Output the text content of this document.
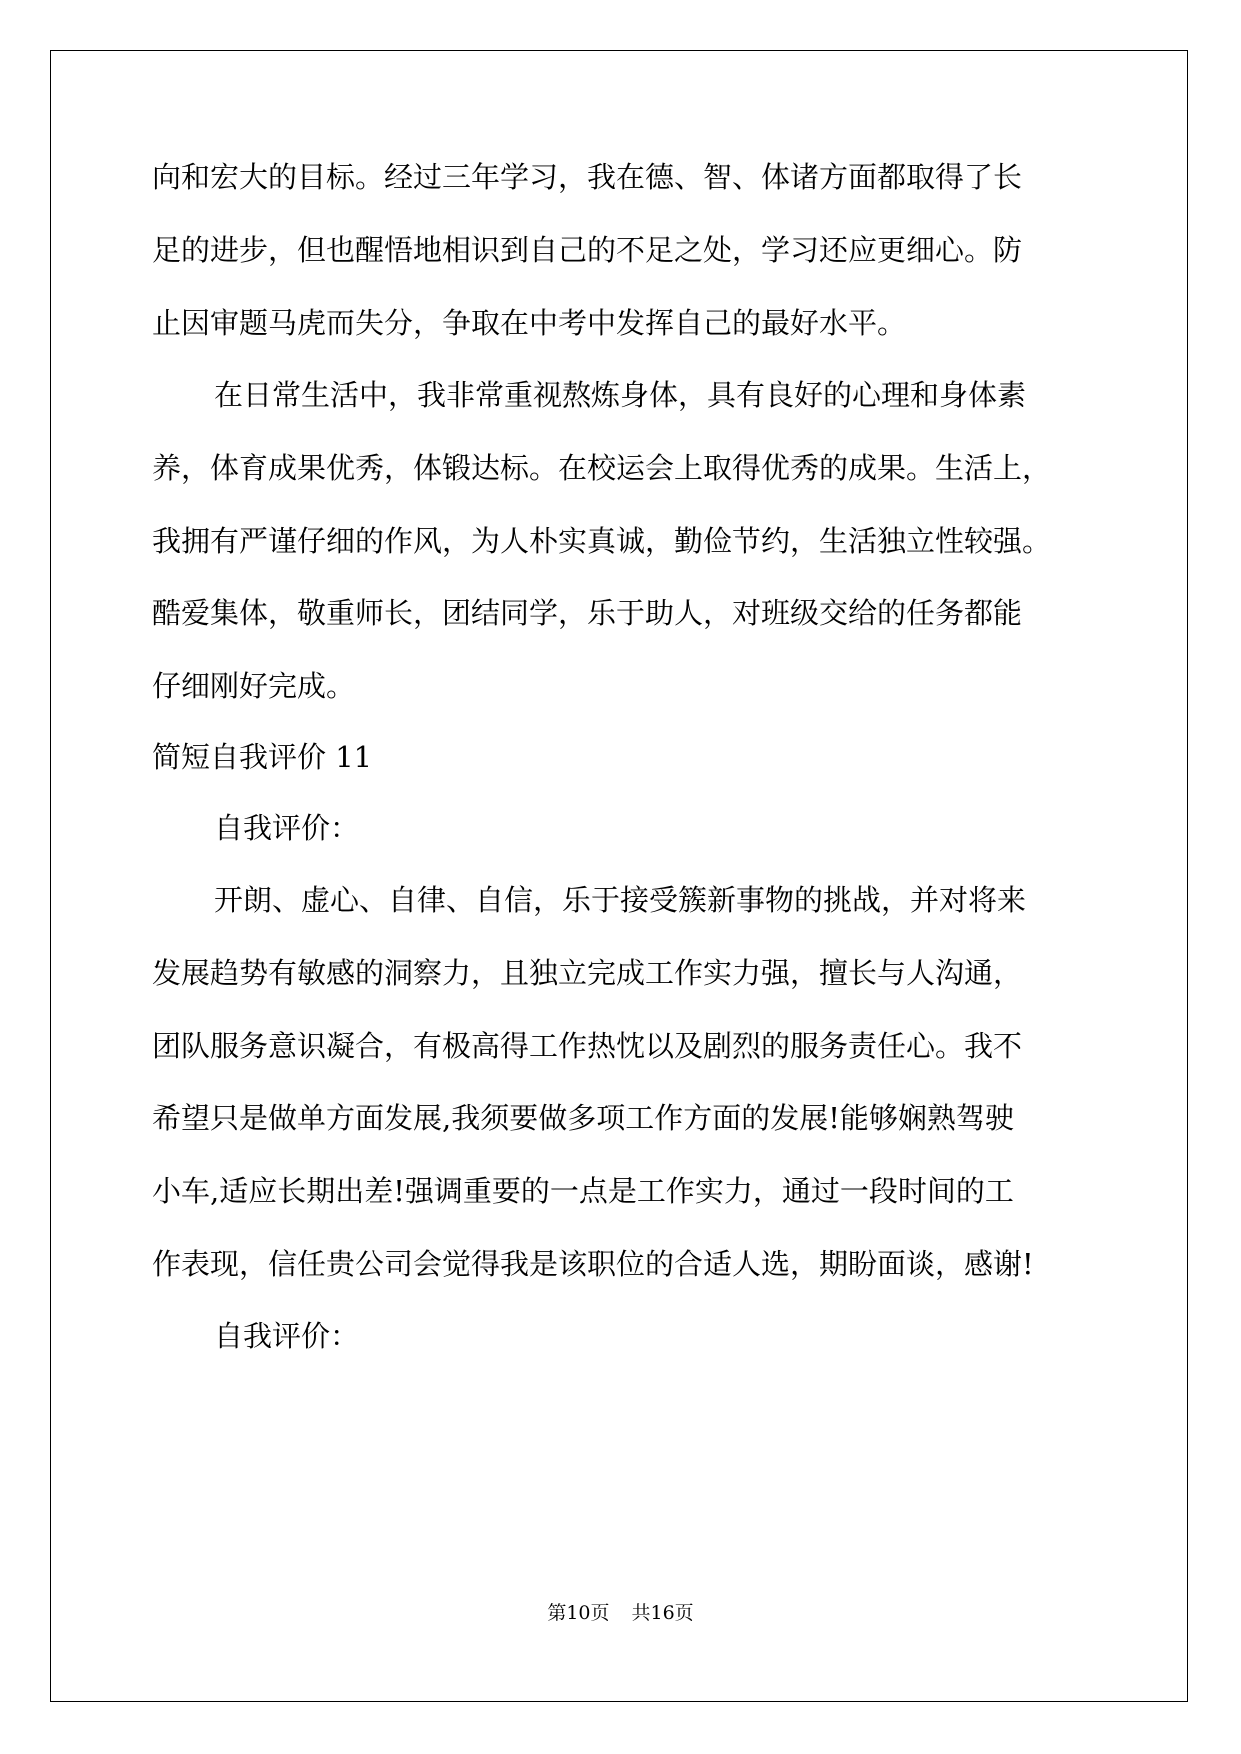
向和宏大的目标。经过三年学习，我在德、智、体诸方面都取得了长
足的进步，但也醒悟地相识到自己的不足之处，学习还应更细心。防
止因审题马虎而失分，争取在中考中发挥自己的最好水平。
在日常生活中，我非常重视熬炼身体，具有良好的心理和身体素
养，体育成果优秀，体锻达标。在校运会上取得优秀的成果。生活上，
我拥有严谨仔细的作风，为人朴实真诚，勤俭节约，生活独立性较强。
酷爱集体，敬重师长，团结同学，乐于助人，对班级交给的任务都能
仔细刚好完成。
简短自我评价 11
自我评价：
开朗、虚心、自律、自信，乐于接受簇新事物的挑战，并对将来
发展趋势有敏感的洞察力，且独立完成工作实力强，擅长与人沟通，
团队服务意识凝合，有极高得工作热忱以及剧烈的服务责任心。我不
希望只是做单方面发展,我须要做多项工作方面的发展!能够娴熟驾驶
小车,适应长期出差!强调重要的一点是工作实力，通过一段时间的工
作表现，信任贵公司会觉得我是该职位的合适人选，期盼面谈，感谢!
自我评价：
第10页 共16页
